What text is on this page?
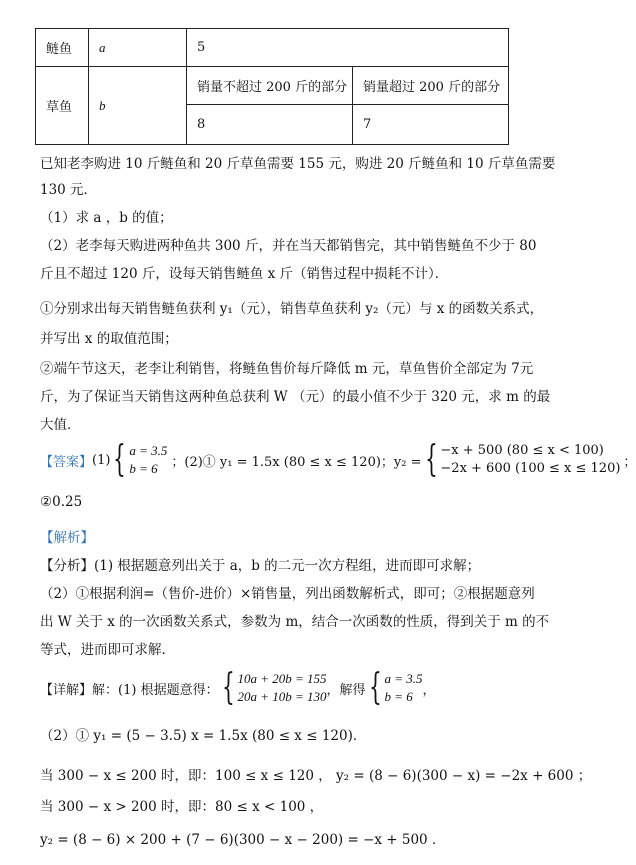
鲢鱼	a	5	
草鱼	b	销量不超过 200 斤的部分	销量超过 200 斤的部分
		8	7
已知老李购进 10 斤鲢鱼和 20 斤草鱼需要 155 元，购进 20 斤鲢鱼和 10 斤草鱼需要
130 元．
（1）求 a ，b 的值；
（2）老李每天购进两种鱼共 300 斤，并在当天都销售完，其中销售鲢鱼不少于 80
斤且不超过 120 斤，设每天销售鲢鱼 x 斤（销售过程中损耗不计）．
①分别求出每天销售鲢鱼获利 y₁（元），销售草鱼获利 y₂（元）与 x 的函数关系式，
并写出 x 的取值范围；
②端午节这天，老李让利销售，将鲢鱼售价每斤降低 m 元，草鱼售价全部定为 7元
斤，为了保证当天销售这两种鱼总获利 W （元）的最小值不少于 320 元，求 m 的最
大值．
【答案】 (1) { a = 3.5
b = 6	；(2)① y₁ = 1.5x (80 ≤ x ≤ 120)；y₂ = { −x + 500 (80 ≤ x < 100)
−2x + 600 (100 ≤ x ≤ 120) ；
②0.25
【解析】
【分析】(1) 根据题意列出关于 a，b 的二元一次方程组，进而即可求解；
（2）①根据利润=（售价-进价）×销售量，列出函数解析式，即可；②根据题意列
出 W 关于 x 的一次函数关系式，参数为 m，结合一次函数的性质，得到关于 m 的不
等式，进而即可求解．
【详解】 解：(1) 根据题意得： { 10a + 20b = 155
20a + 10b = 130 ，解得 { a = 3.5
b = 6 ，
（2）① y₁ = (5 − 3.5) x = 1.5x (80 ≤ x ≤ 120)．
当 300 − x ≤ 200 时，即：100 ≤ x ≤ 120 ， y₂ = (8 − 6)(300 − x) = −2x + 600 ；
当 300 − x > 200 时，即：80 ≤ x < 100 ，
y₂ = (8 − 6) × 200 + (7 − 6)(300 − x − 200) = −x + 500 ．
